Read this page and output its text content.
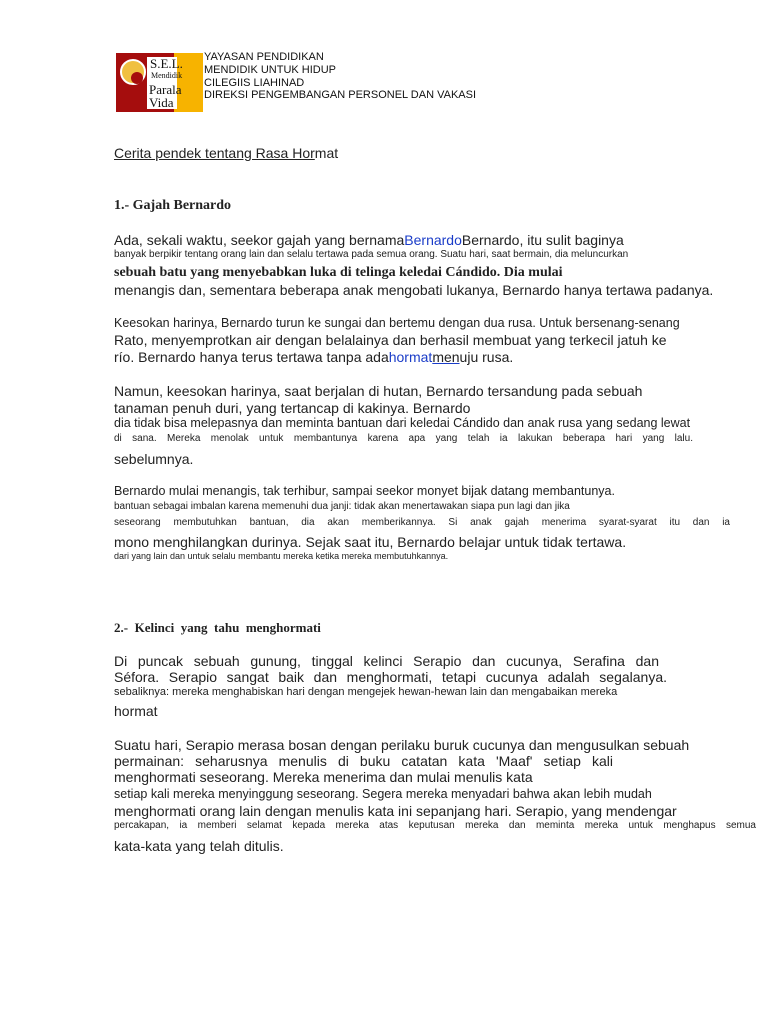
S.E.L.
Mendidik
Parala
Vida
YAYASAN PENDIDIKAN
MENDIDIK UNTUK HIDUP
CILEGIIS LIAHINAD
DIREKSI PENGEMBANGAN PERSONEL DAN VAKASI
Cerita pendek tentang Rasa Hormat
1.- Gajah Bernardo
Ada, sekali waktu, seekor gajah yang bernamaBernardoBernardo, itu sulit baginya
banyak berpikir tentang orang lain dan selalu tertawa pada semua orang. Suatu hari, saat bermain, dia meluncurkan
sebuah batu yang menyebabkan luka di telinga keledai Cándido. Dia mulai
menangis dan, sementara beberapa anak mengobati lukanya, Bernardo hanya tertawa padanya.
Keesokan harinya, Bernardo turun ke sungai dan bertemu dengan dua rusa. Untuk bersenang-senang
Rato, menyemprotkan air dengan belalainya dan berhasil membuat yang terkecil jatuh ke
río. Bernardo hanya terus tertawa tanpa adahormatmenuju rusa.
Namun, keesokan harinya, saat berjalan di hutan, Bernardo tersandung pada sebuah
tanaman penuh duri, yang tertancap di kakinya. Bernardo
dia tidak bisa melepasnya dan meminta bantuan dari keledai Cándido dan anak rusa yang sedang lewat
di sana. Mereka menolak untuk membantunya karena apa yang telah ia lakukan beberapa hari yang lalu.
sebelumnya.
Bernardo mulai menangis, tak terhibur, sampai seekor monyet bijak datang membantunya.
bantuan sebagai imbalan karena memenuhi dua janji: tidak akan menertawakan siapa pun lagi dan jika
seseorang membutuhkan bantuan, dia akan memberikannya. Si anak gajah menerima syarat-syarat itu dan ia
mono menghilangkan durinya. Sejak saat itu, Bernardo belajar untuk tidak tertawa.
dari yang lain dan untuk selalu membantu mereka ketika mereka membutuhkannya.
2.-  Kelinci  yang  tahu  menghormati
Di puncak sebuah gunung, tinggal kelinci Serapio dan cucunya, Serafina dan
Séfora. Serapio sangat baik dan menghormati, tetapi cucunya adalah segalanya.
sebaliknya: mereka menghabiskan hari dengan mengejek hewan-hewan lain dan mengabaikan mereka
hormat
Suatu hari, Serapio merasa bosan dengan perilaku buruk cucunya dan mengusulkan sebuah
permainan: seharusnya menulis di buku catatan kata 'Maaf' setiap kali
menghormati seseorang. Mereka menerima dan mulai menulis kata
setiap kali mereka menyinggung seseorang. Segera mereka menyadari bahwa akan lebih mudah
menghormati orang lain dengan menulis kata ini sepanjang hari. Serapio, yang mendengar
percakapan, ia memberi selamat kepada mereka atas keputusan mereka dan meminta mereka untuk menghapus semua
kata-kata yang telah ditulis.
